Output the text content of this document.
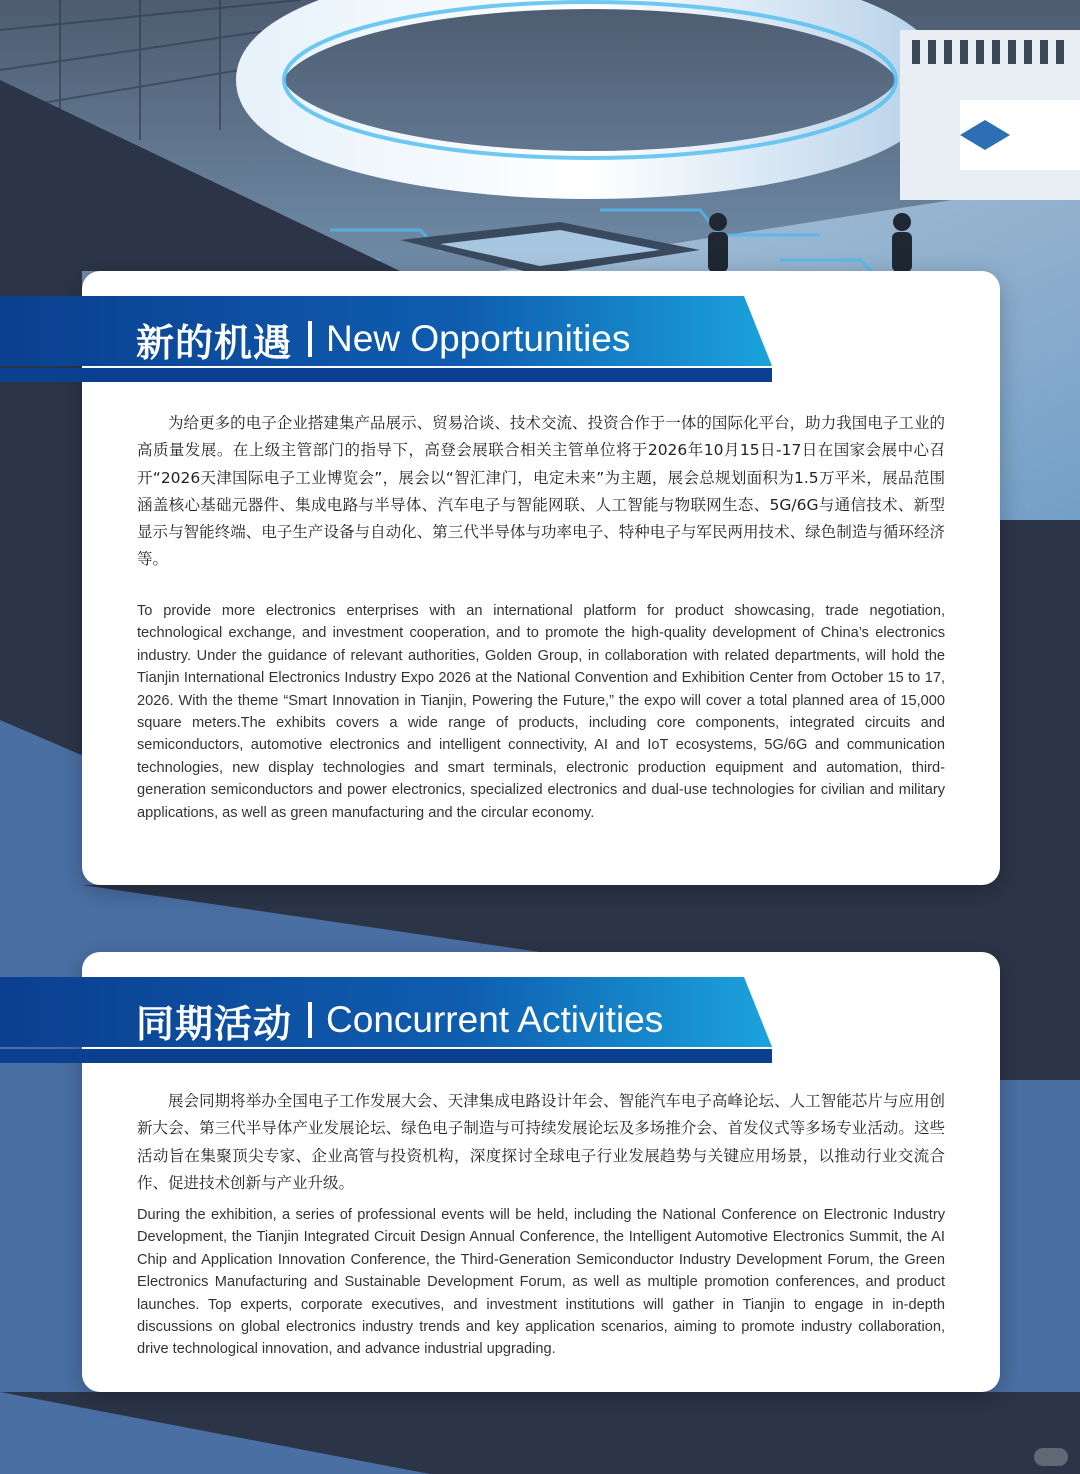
新的机遇 New Opportunities

为给更多的电子企业搭建集产品展示、贸易洽谈、技术交流、投资合作于一体的国际化平台，助力我国电子工业的高质量发展。在上级主管部门的指导下，高登会展联合相关主管单位将于2026年10月15日-17日在国家会展中心召开“2026天津国际电子工业博览会”，展会以“智汇津门，电定未来”为主题，展会总规划面积为1.5万平米，展品范围涵盖核心基础元器件、集成电路与半导体、汽车电子与智能网联、人工智能与物联网生态、5G/6G与通信技术、新型显示与智能终端、电子生产设备与自动化、第三代半导体与功率电子、特种电子与军民两用技术、绿色制造与循环经济等。

To provide more electronics enterprises with an international platform for product showcasing, trade negotiation, technological exchange, and investment cooperation, and to promote the high-quality development of China’s electronics industry. Under the guidance of relevant authorities, Golden Group, in collaboration with related departments, will hold the Tianjin International Electronics Industry Expo 2026 at the National Convention and Exhibition Center from October 15 to 17, 2026. With the theme “Smart Innovation in Tianjin, Powering the Future,” the expo will cover a total planned area of 15,000 square meters.The exhibits covers a wide range of products, including core components, integrated circuits and semiconductors, automotive electronics and intelligent connectivity, AI and IoT ecosystems, 5G/6G and communication technologies, new display technologies and smart terminals, electronic production equipment and automation, third-generation semiconductors and power electronics, specialized electronics and dual-use technologies for civilian and military applications, as well as green manufacturing and the circular economy.

同期活动 Concurrent Activities

展会同期将举办全国电子工作发展大会、天津集成电路设计年会、智能汽车电子高峰论坛、人工智能芯片与应用创新大会、第三代半导体产业发展论坛、绿色电子制造与可持续发展论坛及多场推介会、首发仪式等多场专业活动。这些活动旨在集聚顶尖专家、企业高管与投资机构，深度探讨全球电子行业发展趋势与关键应用场景，以推动行业交流合作、促进技术创新与产业升级。

During the exhibition, a series of professional events will be held, including the National Conference on Electronic Industry Development, the Tianjin Integrated Circuit Design Annual Conference, the Intelligent Automotive Electronics Summit, the AI Chip and Application Innovation Conference, the Third-Generation Semiconductor Industry Development Forum, the Green Electronics Manufacturing and Sustainable Development Forum, as well as multiple promotion conferences, and product launches. Top experts, corporate executives, and investment institutions will gather in Tianjin to engage in in-depth discussions on global electronics industry trends and key application scenarios, aiming to promote industry collaboration, drive technological innovation, and advance industrial upgrading.
